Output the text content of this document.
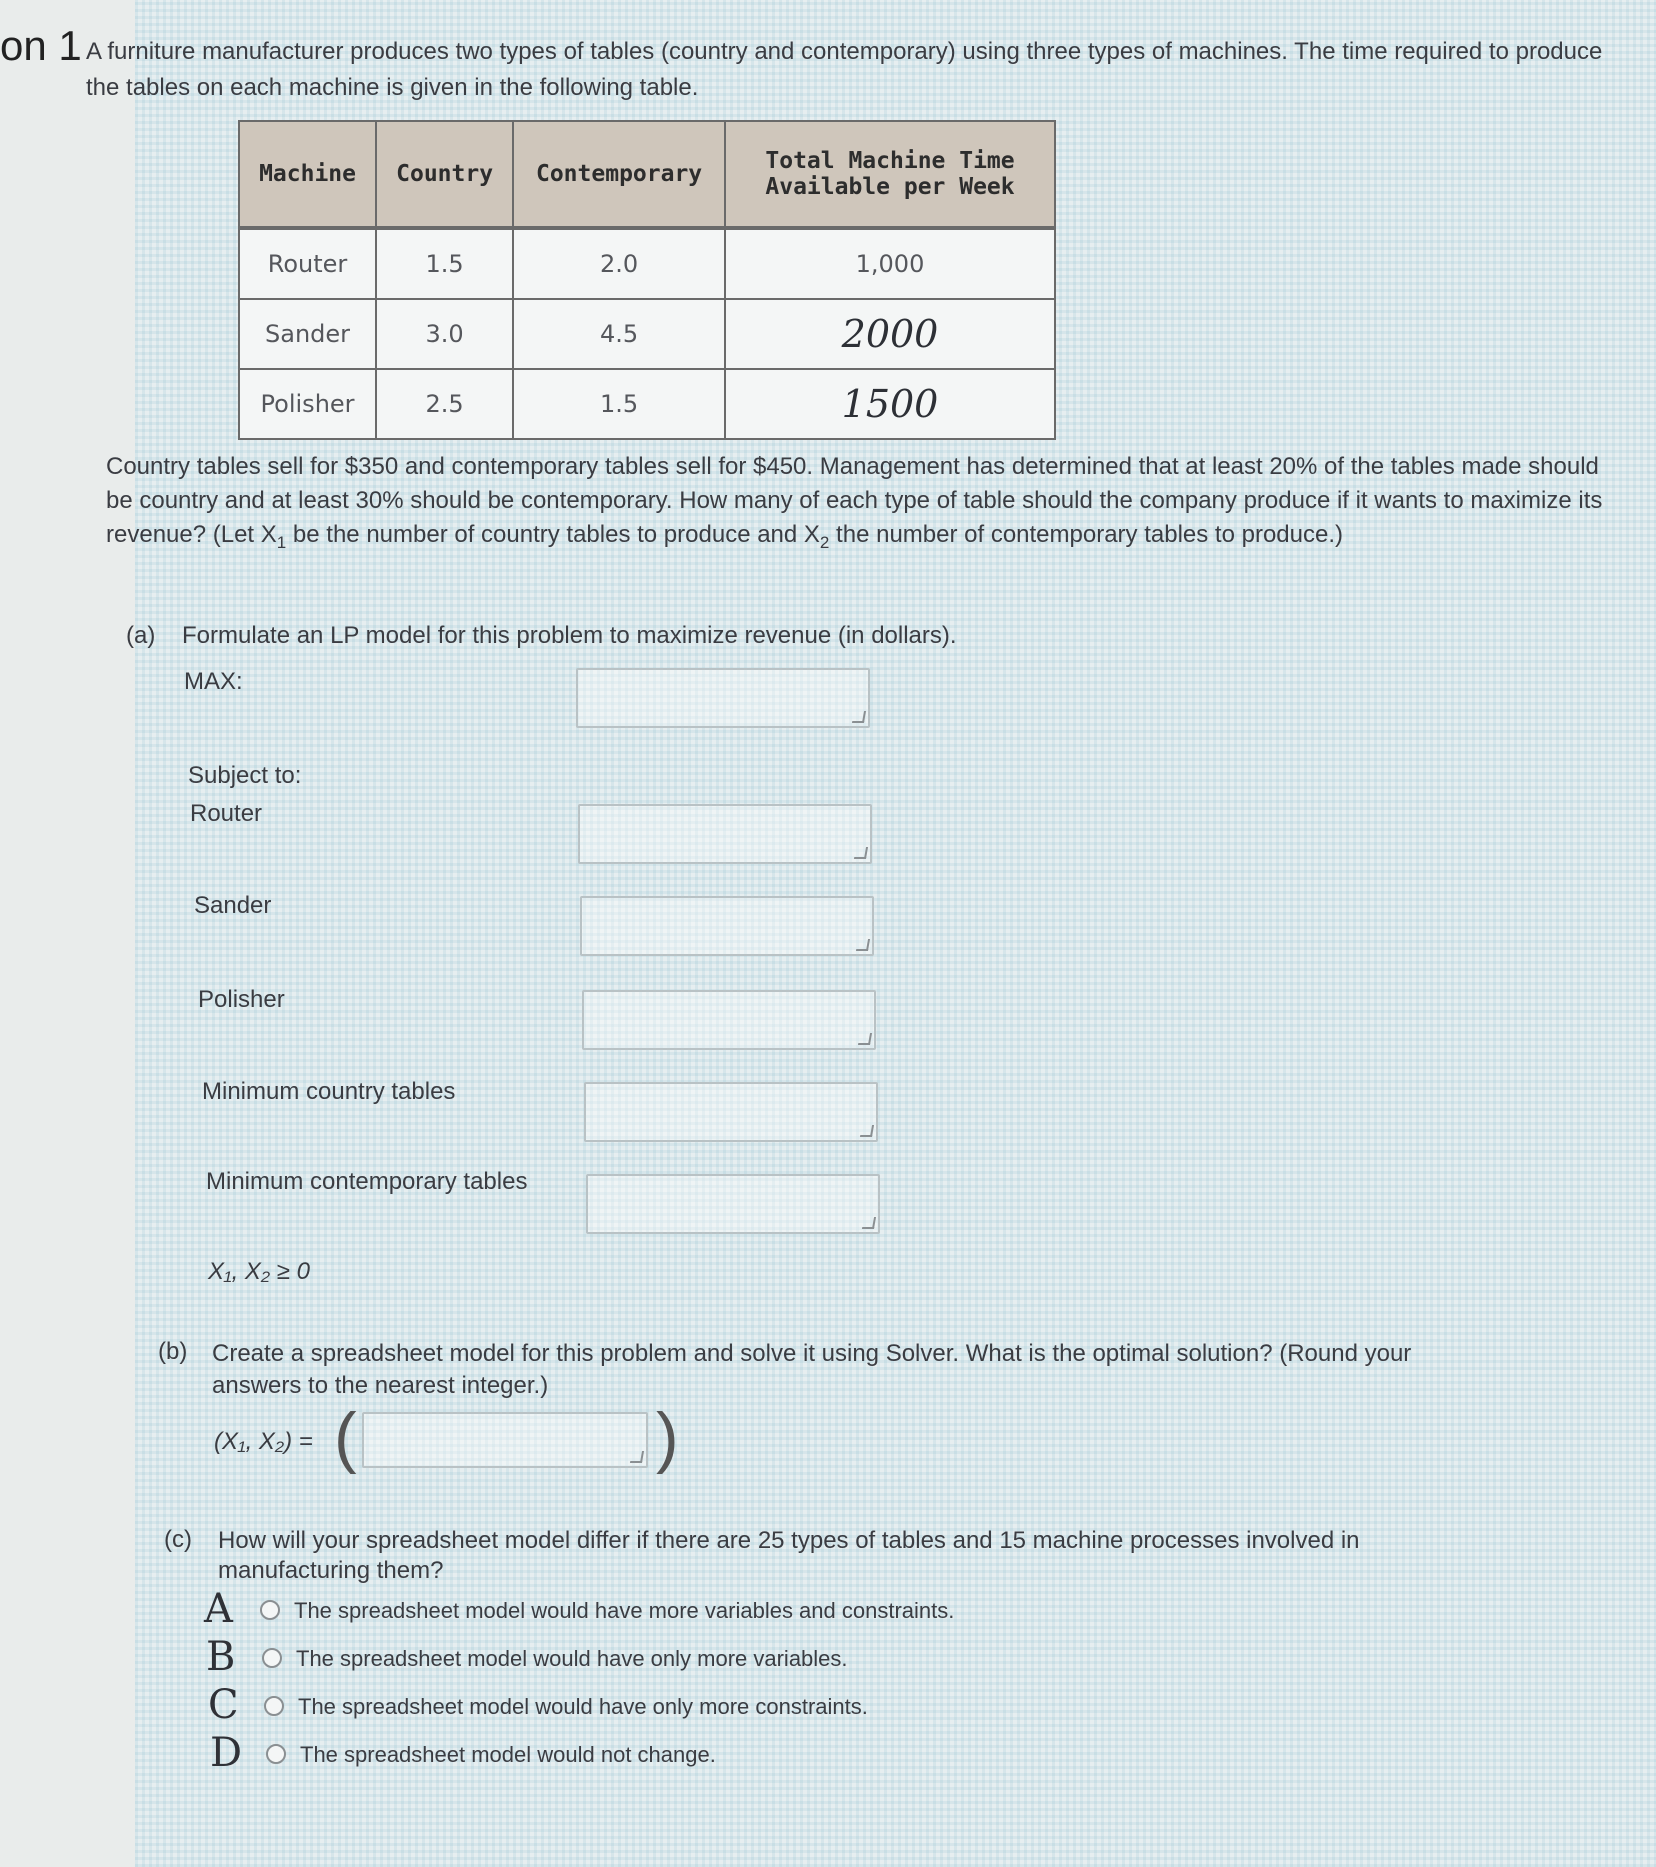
on 1 A furniture manufacturer produces two types of tables (country and contemporary) using three types of machines. The time required to produce the tables on each machine is given in the following table.
Machine	Country	Contemporary	Total Machine Time Available per Week
Router	1.5	2.0	1,000
Sander	3.0	4.5	2000
Polisher	2.5	1.5	1500
Country tables sell for $350 and contemporary tables sell for $450. Management has determined that at least 20% of the tables made should be country and at least 30% should be contemporary. How many of each type of table should the company produce if it wants to maximize its revenue? (Let $X_1$ be the number of country tables to produce and $X_2$ the number of contemporary tables to produce.)
(a) Formulate an LP model for this problem to maximize revenue (in dollars).
MAX:
Subject to:
Router
Sander
Polisher
Minimum country tables
Minimum contemporary tables
X₁, X₂ ≥ 0
(b) Create a spreadsheet model for this problem and solve it using Solver. What is the optimal solution? (Round your answers to the nearest integer.)
(X₁, X₂) = (	)
(c) How will your spreadsheet model differ if there are 25 types of tables and 15 machine processes involved in manufacturing them?
A	The spreadsheet model would have more variables and constraints.
B	The spreadsheet model would have only more variables.
C	The spreadsheet model would have only more constraints.
D	The spreadsheet model would not change.
